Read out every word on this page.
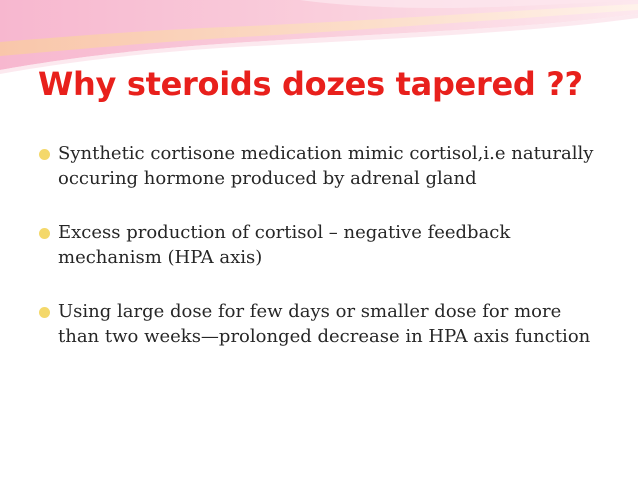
Why steroids dozes tapered ??
Synthetic cortisone medication mimic cortisol,i.e naturally occuring hormone produced by adrenal gland
Excess production of cortisol – negative feedback mechanism (HPA axis)
Using large dose for few days or smaller dose for more than two weeks—prolonged decrease in HPA axis function
